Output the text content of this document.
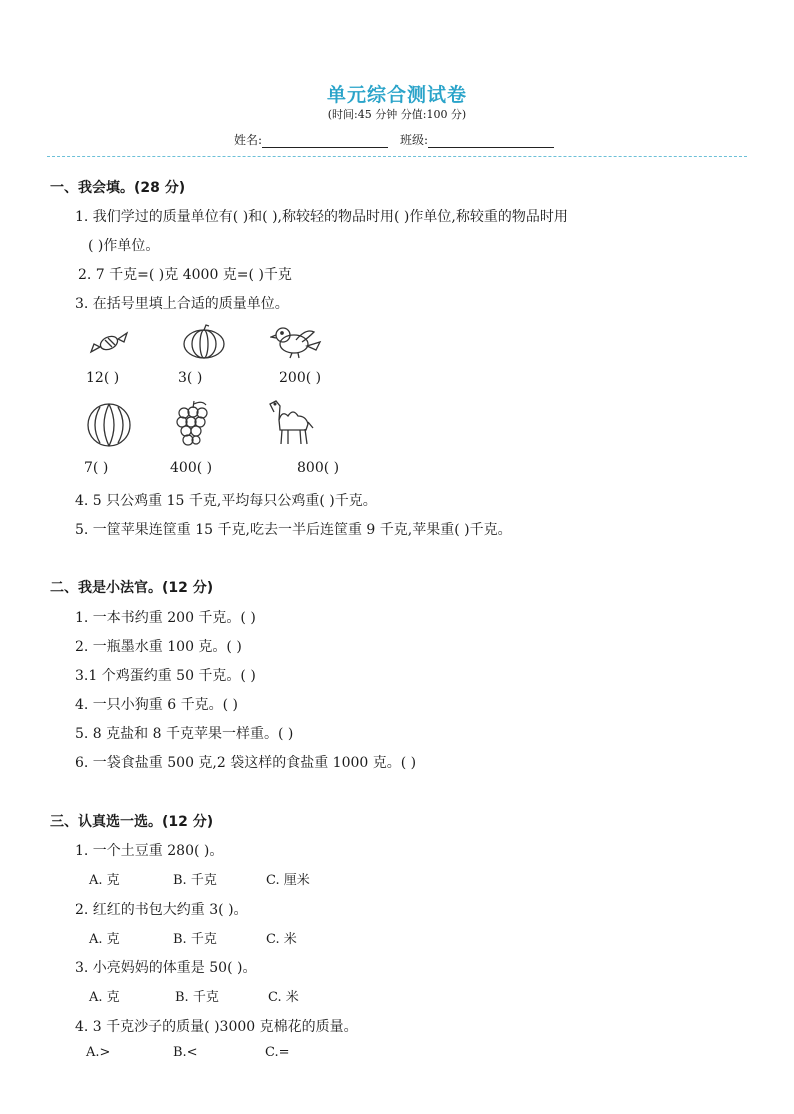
单元综合测试卷
(时间:45 分钟 分值:100 分)
姓名:	班级:
一、我会填。(28 分)
1. 我们学过的质量单位有( )和( ),称较轻的物品时用( )作单位,称较重的物品时用
( )作单位。
2. 7 千克=( )克 4000 克=( )千克
3. 在括号里填上合适的质量单位。
12( )	3( )	200( )
7( )	400( )	800( )
4. 5 只公鸡重 15 千克,平均每只公鸡重( )千克。
5. 一筐苹果连筐重 15 千克,吃去一半后连筐重 9 千克,苹果重( )千克。
二、我是小法官。(12 分)
1. 一本书约重 200 千克。( )
2. 一瓶墨水重 100 克。( )
3.1 个鸡蛋约重 50 千克。( )
4. 一只小狗重 6 千克。( )
5. 8 克盐和 8 千克苹果一样重。( )
6. 一袋食盐重 500 克,2 袋这样的食盐重 1000 克。( )
三、认真选一选。(12 分)
1. 一个土豆重 280( )。
A. 克	B. 千克	C. 厘米
2. 红红的书包大约重 3( )。
A. 克	B. 千克	C. 米
3. 小亮妈妈的体重是 50( )。
A. 克	B. 千克	C. 米
4. 3 千克沙子的质量( )3000 克棉花的质量。
A.>	B.<	C.=
